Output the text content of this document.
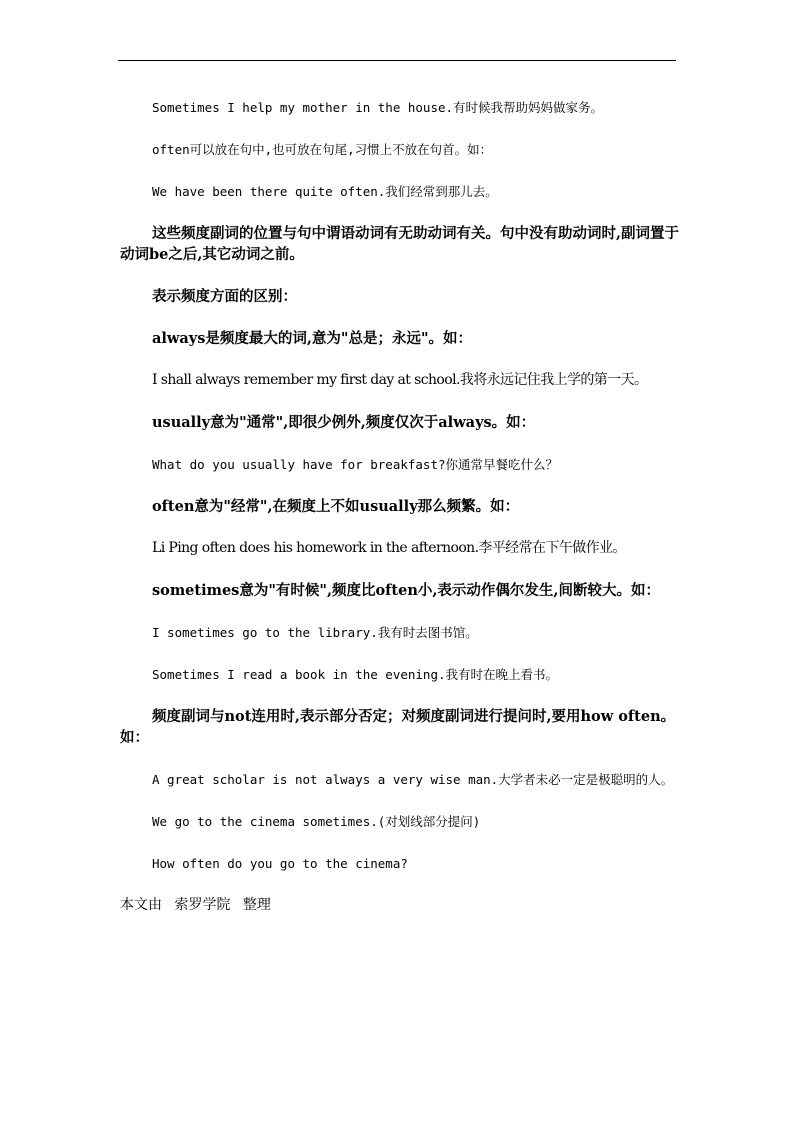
Sometimes I help my mother in the house.有时候我帮助妈妈做家务。

often可以放在句中,也可放在句尾,习惯上不放在句首。如：

We have been there quite often.我们经常到那儿去。

这些频度副词的位置与句中谓语动词有无助动词有关。句中没有助动词时,副词置于动词be之后,其它动词之前。

表示频度方面的区别：

always是频度最大的词,意为"总是；永远"。如：

I shall always remember my first day at school.我将永远记住我上学的第一天。

usually意为"通常",即很少例外,频度仅次于always。如：

What do you usually have for breakfast?你通常早餐吃什么？

often意为"经常",在频度上不如usually那么频繁。如：

Li Ping often does his homework in the afternoon.李平经常在下午做作业。

sometimes意为"有时候",频度比often小,表示动作偶尔发生,间断较大。如：

I sometimes go to the library.我有时去图书馆。

Sometimes I read a book in the evening.我有时在晚上看书。

频度副词与not连用时,表示部分否定；对频度副词进行提问时,要用how often。如：

A great scholar is not always a very wise man.大学者未必一定是极聪明的人。

We go to the cinema sometimes.(对划线部分提问)

How often do you go to the cinema?

本文由 索罗学院 整理
